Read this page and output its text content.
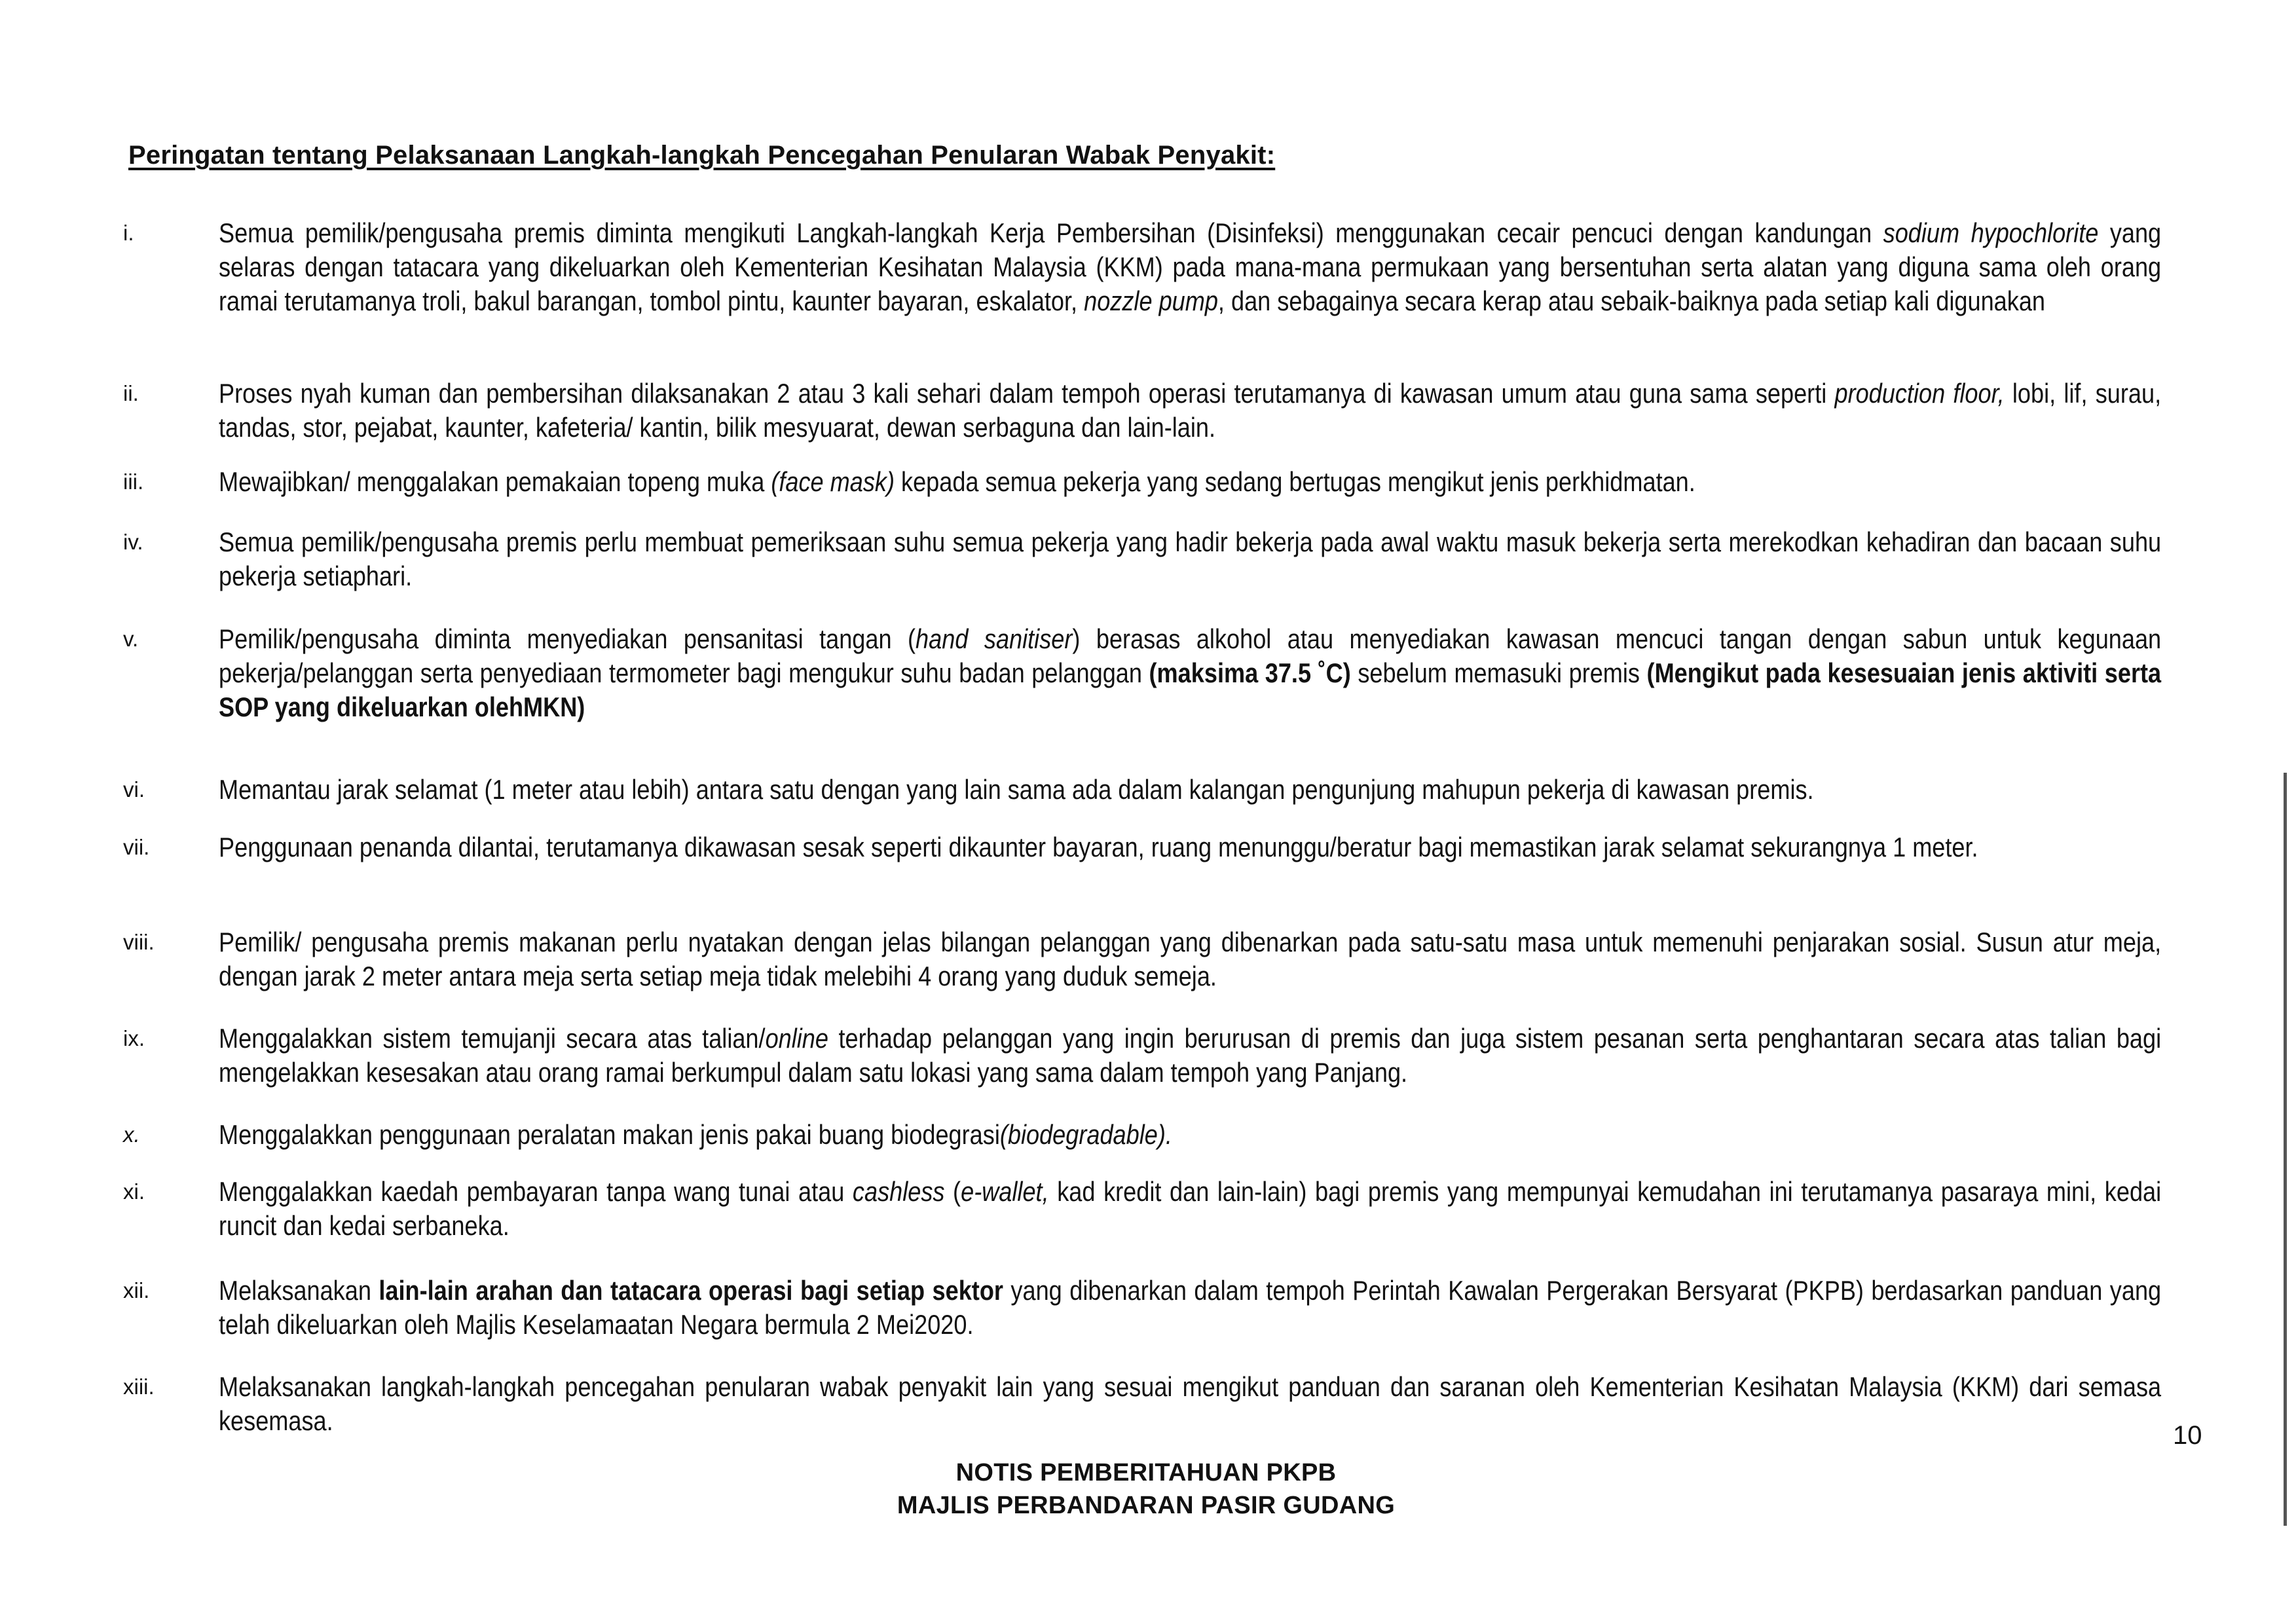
Peringatan tentang Pelaksanaan Langkah-langkah Pencegahan Penularan Wabak Penyakit:
i.	Semua pemilik/pengusaha premis diminta mengikuti Langkah-langkah Kerja Pembersihan (Disinfeksi) menggunakan cecair pencuci dengan kandungan sodium hypochlorite yang selaras dengan tatacara yang dikeluarkan oleh Kementerian Kesihatan Malaysia (KKM) pada mana-mana permukaan yang bersentuhan serta alatan yang diguna sama oleh orang ramai terutamanya troli, bakul barangan, tombol pintu, kaunter bayaran, eskalator, nozzle pump, dan sebagainya secara kerap atau sebaik-baiknya pada setiap kali digunakan
ii.	Proses nyah kuman dan pembersihan dilaksanakan 2 atau 3 kali sehari dalam tempoh operasi terutamanya di kawasan umum atau guna sama seperti production floor, lobi, lif, surau, tandas, stor, pejabat, kaunter, kafeteria/ kantin, bilik mesyuarat, dewan serbaguna dan lain-lain.
iii.	Mewajibkan/ menggalakan pemakaian topeng muka (face mask) kepada semua pekerja yang sedang bertugas mengikut jenis perkhidmatan.
iv.	Semua pemilik/pengusaha premis perlu membuat pemeriksaan suhu semua pekerja yang hadir bekerja pada awal waktu masuk bekerja serta merekodkan kehadiran dan bacaan suhu pekerja setiaphari.
v.	Pemilik/pengusaha diminta menyediakan pensanitasi tangan (hand sanitiser) berasas alkohol atau menyediakan kawasan mencuci tangan dengan sabun untuk kegunaan pekerja/pelanggan serta penyediaan termometer bagi mengukur suhu badan pelanggan (maksima 37.5 ˚C) sebelum memasuki premis (Mengikut pada kesesuaian jenis aktiviti serta SOP yang dikeluarkan olehMKN)
vi.	Memantau jarak selamat (1 meter atau lebih) antara satu dengan yang lain sama ada dalam kalangan pengunjung mahupun pekerja di kawasan premis.
vii.	Penggunaan penanda dilantai, terutamanya dikawasan sesak seperti dikaunter bayaran, ruang menunggu/beratur bagi memastikan jarak selamat sekurangnya 1 meter.
viii.	Pemilik/ pengusaha premis makanan perlu nyatakan dengan jelas bilangan pelanggan yang dibenarkan pada satu-satu masa untuk memenuhi penjarakan sosial. Susun atur meja, dengan jarak 2 meter antara meja serta setiap meja tidak melebihi 4 orang yang duduk semeja.
ix.	Menggalakkan sistem temujanji secara atas talian/online terhadap pelanggan yang ingin berurusan di premis dan juga sistem pesanan serta penghantaran secara atas talian bagi mengelakkan kesesakan atau orang ramai berkumpul dalam satu lokasi yang sama dalam tempoh yang Panjang.
x.	Menggalakkan penggunaan peralatan makan jenis pakai buang biodegrasi(biodegradable).
xi.	Menggalakkan kaedah pembayaran tanpa wang tunai atau cashless (e-wallet, kad kredit dan lain-lain) bagi premis yang mempunyai kemudahan ini terutamanya pasaraya mini, kedai runcit dan kedai serbaneka.
xii.	Melaksanakan lain-lain arahan dan tatacara operasi bagi setiap sektor yang dibenarkan dalam tempoh Perintah Kawalan Pergerakan Bersyarat (PKPB) berdasarkan panduan yang telah dikeluarkan oleh Majlis Keselamaatan Negara bermula 2 Mei2020.
xiii.	Melaksanakan langkah-langkah pencegahan penularan wabak penyakit lain yang sesuai mengikut panduan dan saranan oleh Kementerian Kesihatan Malaysia (KKM) dari semasa kesemasa.	10
NOTIS PEMBERITAHUAN PKPB
MAJLIS PERBANDARAN PASIR GUDANG
